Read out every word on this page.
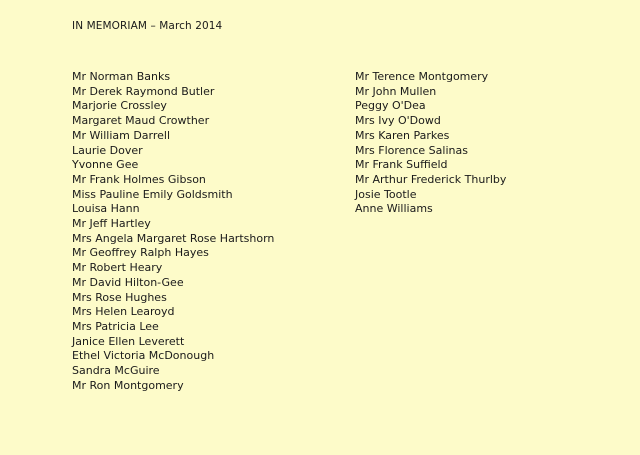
IN MEMORIAM – March 2014
Mr Norman Banks
Mr Derek Raymond Butler
Marjorie Crossley
Margaret Maud Crowther
Mr William Darrell
Laurie Dover
Yvonne Gee
Mr Frank Holmes Gibson
Miss Pauline Emily Goldsmith
Louisa Hann
Mr Jeff Hartley
Mrs Angela Margaret Rose Hartshorn
Mr Geoffrey Ralph Hayes
Mr Robert Heary
Mr David Hilton-Gee
Mrs Rose Hughes
Mrs Helen Learoyd
Mrs Patricia Lee
Janice Ellen Leverett
Ethel Victoria McDonough
Sandra McGuire
Mr Ron Montgomery
Mr Terence Montgomery
Mr John Mullen
Peggy O'Dea
Mrs Ivy O'Dowd
Mrs Karen Parkes
Mrs Florence Salinas
Mr Frank Suffield
Mr Arthur Frederick Thurlby
Josie Tootle
Anne Williams
